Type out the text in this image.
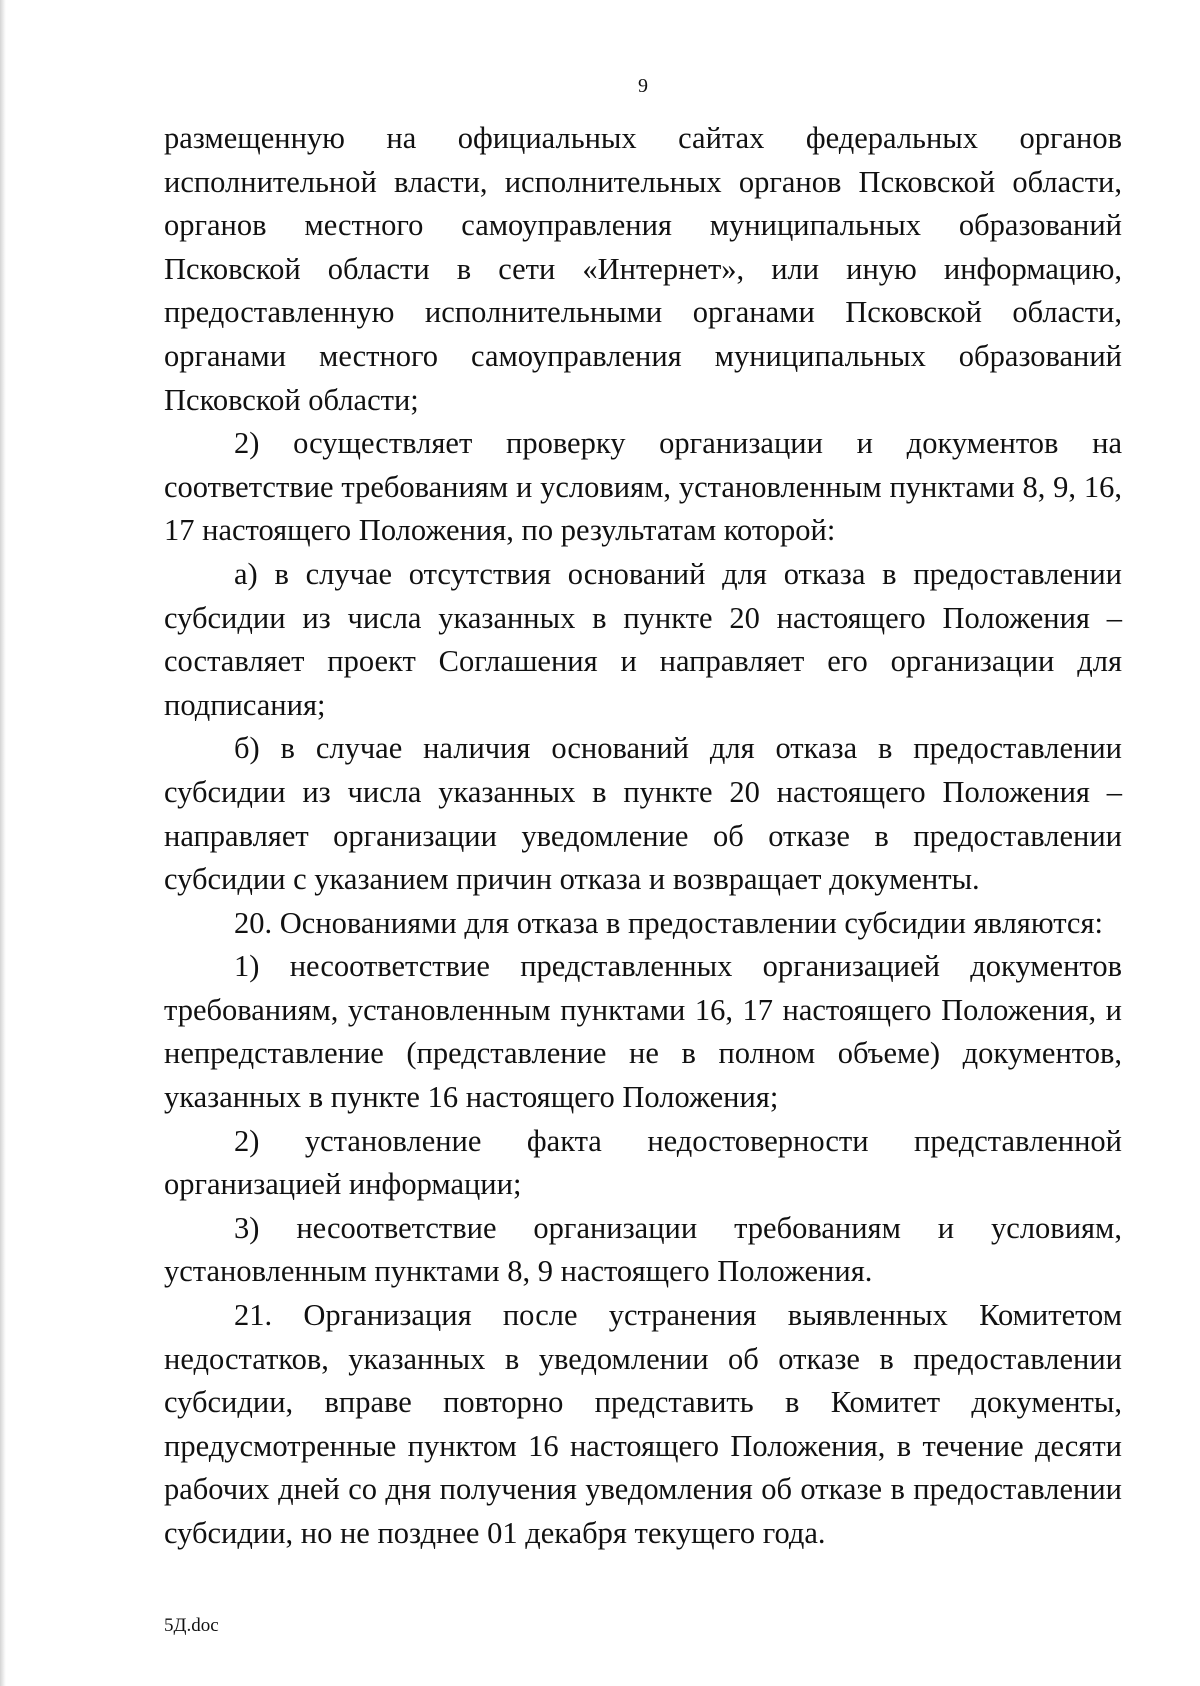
9

размещенную на официальных сайтах федеральных органов исполнительной власти, исполнительных органов Псковской области, органов местного самоуправления муниципальных образований Псковской области в сети «Интернет», или иную информацию, предоставленную исполнительными органами Псковской области, органами местного самоуправления муниципальных образований Псковской области;

2) осуществляет проверку организации и документов на соответствие требованиям и условиям, установленным пунктами 8, 9, 16, 17 настоящего Положения, по результатам которой:

а) в случае отсутствия оснований для отказа в предоставлении субсидии из числа указанных в пункте 20 настоящего Положения – составляет проект Соглашения и направляет его организации для подписания;

б) в случае наличия оснований для отказа в предоставлении субсидии из числа указанных в пункте 20 настоящего Положения – направляет организации уведомление об отказе в предоставлении субсидии с указанием причин отказа и возвращает документы.

20. Основаниями для отказа в предоставлении субсидии являются:

1) несоответствие представленных организацией документов требованиям, установленным пунктами 16, 17 настоящего Положения, и непредставление (представление не в полном объеме) документов, указанных в пункте 16 настоящего Положения;

2) установление факта недостоверности представленной организацией информации;

3) несоответствие организации требованиям и условиям, установленным пунктами 8, 9 настоящего Положения.

21. Организация после устранения выявленных Комитетом недостатков, указанных в уведомлении об отказе в предоставлении субсидии, вправе повторно представить в Комитет документы, предусмотренные пунктом 16 настоящего Положения, в течение десяти рабочих дней со дня получения уведомления об отказе в предоставлении субсидии, но не позднее 01 декабря текущего года.

5Д.doc
